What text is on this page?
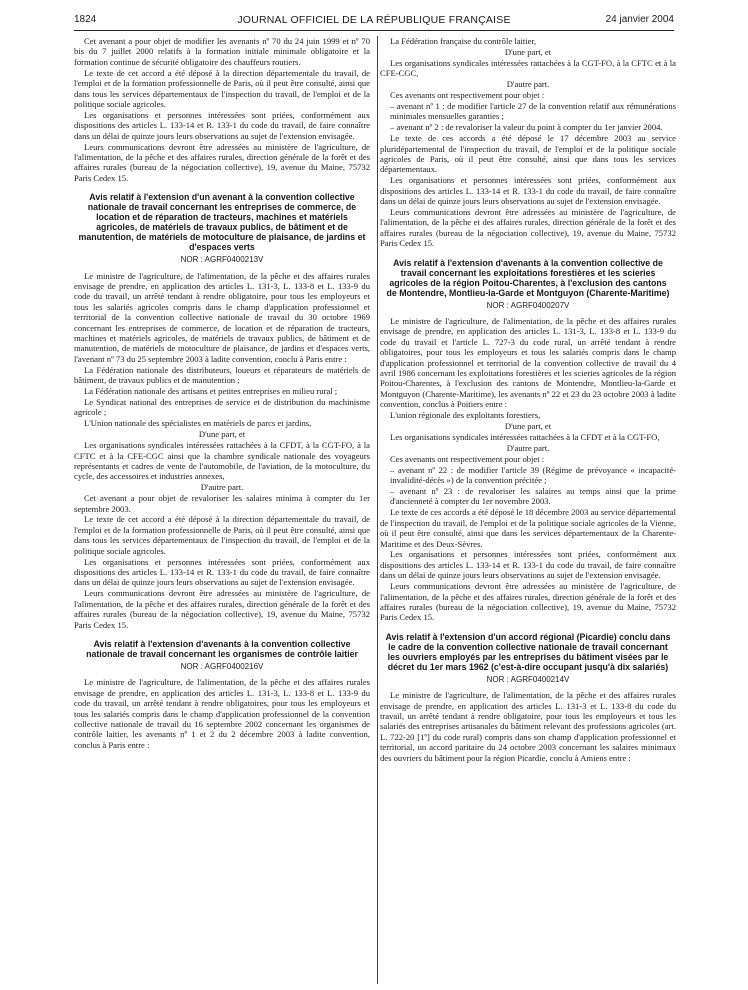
1824	JOURNAL OFFICIEL DE LA RÉPUBLIQUE FRANÇAISE	24 janvier 2004

Cet avenant a pour objet de modifier les avenants nº 70 du 24 juin 1999 et nº 70 bis du 7 juillet 2000 relatifs à la formation initiale minimale obligatoire et la formation continue de sécurité obligatoire des chauffeurs routiers.

Le texte de cet accord a été déposé à la direction départementale du travail, de l'emploi et de la formation professionnelle de Paris, où il peut être consulté, ainsi que dans tous les services départementaux de l'inspection du travail, de l'emploi et de la politique sociale agricoles.

Les organisations et personnes intéressées sont priées, conformément aux dispositions des articles L. 133-14 et R. 133-1 du code du travail, de faire connaître dans un délai de quinze jours leurs observations au sujet de l'extension envisagée.

Leurs communications devront être adressées au ministère de l'agriculture, de l'alimentation, de la pêche et des affaires rurales, direction générale de la forêt et des affaires rurales (bureau de la négociation collective), 19, avenue du Maine, 75732 Paris Cedex 15.

Avis relatif à l'extension d'un avenant à la convention collective nationale de travail concernant les entreprises de commerce, de location et de réparation de tracteurs, machines et matériels agricoles, de matériels de travaux publics, de bâtiment et de manutention, de matériels de motoculture de plaisance, de jardins et d'espaces verts
NOR : AGRF0400213V

Le ministre de l'agriculture, de l'alimentation, de la pêche et des affaires rurales envisage de prendre, en application des articles L. 131-3, L. 133-8 et L. 133-9 du code du travail, un arrêté tendant à rendre obligatoire, pour tous les employeurs et tous les salariés agricoles compris dans le champ d'application professionnel et territorial de la convention collective nationale de travail du 30 octobre 1969 concernant les entreprises de commerce, de location et de réparation de tracteurs, machines et matériels agricoles, de matériels de travaux publics, de bâtiment et de manutention, de matériels de motoculture de plaisance, de jardins et d'espaces verts, l'avenant nº 73 du 25 septembre 2003 à ladite convention, conclu à Paris entre :

La Fédération nationale des distributeurs, loueurs et réparateurs de matériels de bâtiment, de travaux publics et de manutention ;

La Fédération nationale des artisans et petites entreprises en milieu rural ;

Le Syndicat national des entreprises de service et de distribution du machinisme agricole ;

L'Union nationale des spécialistes en matériels de parcs et jardins,

D'une part, et

Les organisations syndicales intéressées rattachées à la CFDT, à la CGT-FO, à la CFTC et à la CFE-CGC ainsi que la chambre syndicale nationale des voyageurs représentants et cadres de vente de l'automobile, de l'aviation, de la motoculture, du cycle, des accessoires et industries annexes,

D'autre part.

Cet avenant a pour objet de revaloriser les salaires minima à compter du 1er septembre 2003.

Le texte de cet accord a été déposé à la direction départementale du travail, de l'emploi et de la formation professionnelle de Paris, où il peut être consulté, ainsi que dans tous les services départementaux de l'inspection du travail, de l'emploi et de la politique sociale agricoles.

Les organisations et personnes intéressées sont priées, conformément aux dispositions des articles L. 133-14 et R. 133-1 du code du travail, de faire connaître dans un délai de quinze jours leurs observations au sujet de l'extension envisagée.

Leurs communications devront être adressées au ministère de l'agriculture, de l'alimentation, de la pêche et des affaires rurales, direction générale de la forêt et des affaires rurales (bureau de la négociation collective), 19, avenue du Maine, 75732 Paris Cedex 15.

Avis relatif à l'extension d'avenants à la convention collective nationale de travail concernant les organismes de contrôle laitier
NOR : AGRF0400216V

Le ministre de l'agriculture, de l'alimentation, de la pêche et des affaires rurales envisage de prendre, en application des articles L. 131-3, L. 133-8 et L. 133-9 du code du travail, un arrêté tendant à rendre obligatoires, pour tous les employeurs et tous les salariés compris dans le champ d'application professionnel de la convention collective nationale de travail du 16 septembre 2002 concernant les organismes de contrôle laitier, les avenants nº 1 et 2 du 2 décembre 2003 à ladite convention, conclus à Paris entre :

La Fédération française du contrôle laitier,

D'une part, et

Les organisations syndicales intéressées rattachées à la CGT-FO, à la CFTC et à la CFE-CGC,

D'autre part.

Ces avenants ont respectivement pour objet :

– avenant nº 1 : de modifier l'article 27 de la convention relatif aux rémunérations minimales mensuelles garanties ;

– avenant nº 2 : de revaloriser la valeur du point à compter du 1er janvier 2004.

Le texte de ces accords a été déposé le 17 décembre 2003 au service pluridépartemental de l'inspection du travail, de l'emploi et de la politique sociale agricoles de Paris, où il peut être consulté, ainsi que dans tous les services départementaux.

Les organisations et personnes intéressées sont priées, conformément aux dispositions des articles L. 133-14 et R. 133-1 du code du travail, de faire connaître dans un délai de quinze jours leurs observations au sujet de l'extension envisagée.

Leurs communications devront être adressées au ministère de l'agriculture, de l'alimentation, de la pêche et des affaires rurales, direction générale de la forêt et des affaires rurales (bureau de la négociation collective), 19, avenue du Maine, 75732 Paris Cedex 15.

Avis relatif à l'extension d'avenants à la convention collective de travail concernant les exploitations forestières et les scieries agricoles de la région Poitou-Charentes, à l'exclusion des cantons de Montendre, Montlieu-la-Garde et Montguyon (Charente-Maritime)
NOR : AGRF0400207V

Le ministre de l'agriculture, de l'alimentation, de la pêche et des affaires rurales envisage de prendre, en application des articles L. 131-3, L. 133-8 et L. 133-9 du code du travail et l'article L. 727-3 du code rural, un arrêté tendant à rendre obligatoires, pour tous les employeurs et tous les salariés compris dans le champ d'application professionnel et territorial de la convention collective de travail du 4 avril 1986 concernant les exploitations forestières et les scieries agricoles de la région Poitou-Charentes, à l'exclusion des cantons de Montendre, Montlieu-la-Garde et Montguyon (Charente-Maritime), les avenants nº 22 et 23 du 23 octobre 2003 à ladite convention, conclus à Poitiers entre :

L'union régionale des exploitants forestiers,

D'une part, et

Les organisations syndicales intéressées rattachées à la CFDT et à la CGT-FO,

D'autre part.

Ces avenants ont respectivement pour objet :

– avenant nº 22 : de modifier l'article 39 (Régime de prévoyance « incapacité-invalidité-décès ») de la convention précitée ;

– avenant nº 23 : de revaloriser les salaires au temps ainsi que la prime d'ancienneté à compter du 1er novembre 2003.

Le texte de ces accords a été déposé le 18 décembre 2003 au service départemental de l'inspection du travail, de l'emploi et de la politique sociale agricoles de la Vienne, où il peut être consulté, ainsi que dans les services départementaux de la Charente-Maritime et des Deux-Sèvres.

Les organisations et personnes intéressées sont priées, conformément aux dispositions des articles L. 133-14 et R. 133-1 du code du travail, de faire connaître dans un délai de quinze jours leurs observations au sujet de l'extension envisagée.

Leurs communications devront être adressées au ministère de l'agriculture, de l'alimentation, de la pêche et des affaires rurales, direction générale de la forêt et des affaires rurales (bureau de la négociation collective), 19, avenue du Maine, 75732 Paris Cedex 15.

Avis relatif à l'extension d'un accord régional (Picardie) conclu dans le cadre de la convention collective nationale de travail concernant les ouvriers employés par les entreprises du bâtiment visées par le décret du 1er mars 1962 (c'est-à-dire occupant jusqu'à dix salariés)
NOR : AGRF0400214V

Le ministre de l'agriculture, de l'alimentation, de la pêche et des affaires rurales envisage de prendre, en application des articles L. 131-3 et L. 133-8 du code du travail, un arrêté tendant à rendre obligatoire, pour tous les employeurs et tous les salariés des entreprises artisanales du bâtiment relevant des professions agricoles (art. L. 722-20 [1º] du code rural) compris dans son champ d'application professionnel et territorial, un accord paritaire du 24 octobre 2003 concernant les salaires minimaux des ouvriers du bâtiment pour la région Picardie, conclu à Amiens entre :
